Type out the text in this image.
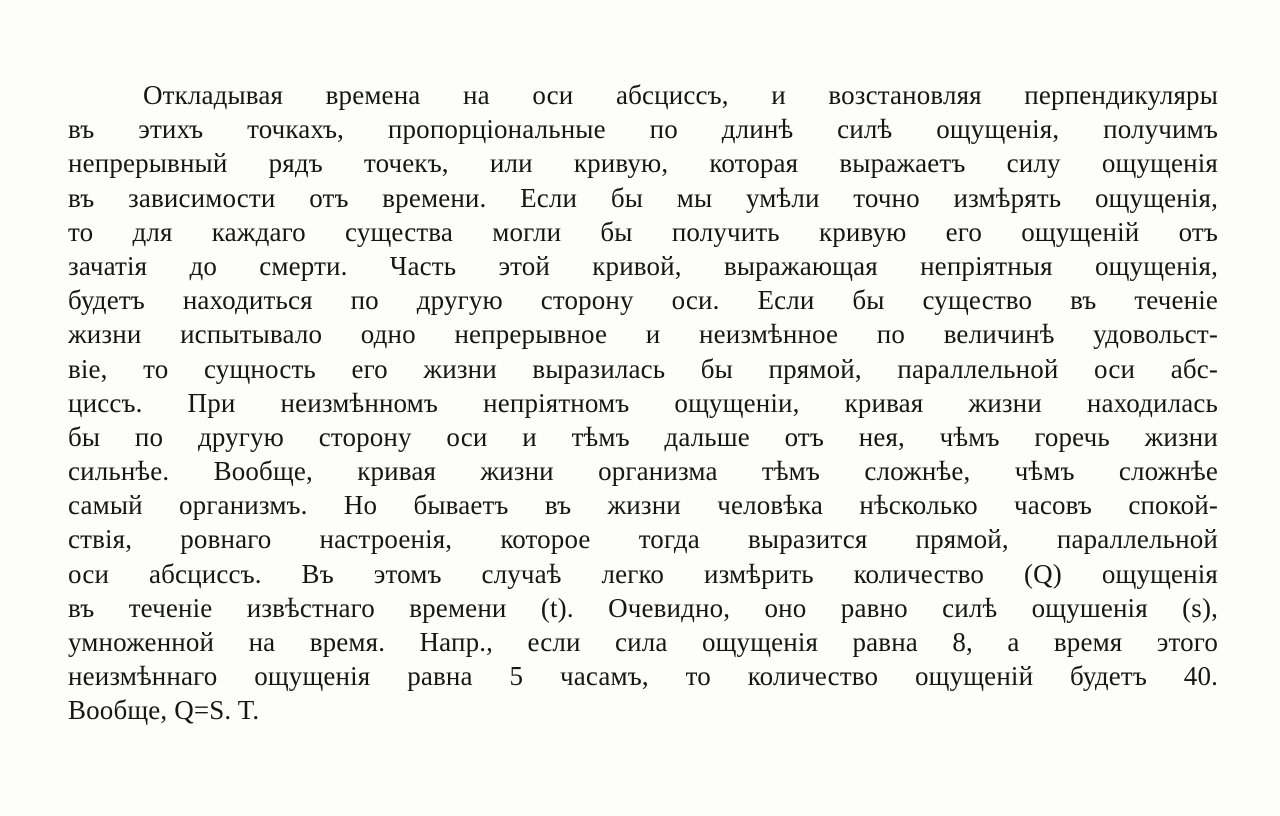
Откладывая времена на оси абсциссъ, и возстановляя перпендикуляры
въ этихъ точкахъ, пропорціональные по длинѣ силѣ ощущенія, получимъ
непрерывный рядъ точекъ, или кривую, которая выражаетъ силу ощущенія
въ зависимости отъ времени. Если бы мы умѣли точно измѣрять ощущенія,
то для каждаго существа могли бы получить кривую его ощущеній отъ
зачатія до смерти. Часть этой кривой, выражающая непріятныя ощущенія,
будетъ находиться по другую сторону оси. Если бы существо въ теченіе
жизни испытывало одно непрерывное и неизмѣнное по величинѣ удовольст-
віе, то сущность его жизни выразилась бы прямой, параллельной оси абс-
циссъ. При неизмѣнномъ непріятномъ ощущеніи, кривая жизни находилась
бы по другую сторону оси и тѣмъ дальше отъ нея, чѣмъ горечь жизни
сильнѣе. Вообще, кривая жизни организма тѣмъ сложнѣе, чѣмъ сложнѣе
самый организмъ. Но бываетъ въ жизни человѣка нѣсколько часовъ спокой-
ствія, ровнаго настроенія, которое тогда выразится прямой, параллельной
оси абсциссъ. Въ этомъ случаѣ легко измѣрить количество (Q) ощущенія
въ теченіе извѣстнаго времени (t). Очевидно, оно равно силѣ ощушенія (s),
умноженной на время. Напр., если сила ощущенія равна 8, а время этого
неизмѣннаго ощущенія равна 5 часамъ, то количество ощущеній будетъ 40.
Вообще, Q=S. T.
